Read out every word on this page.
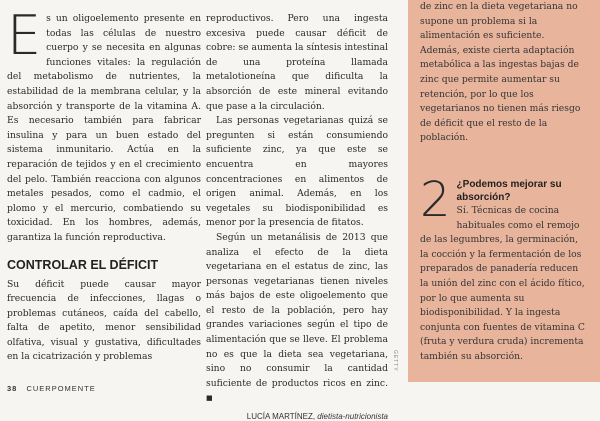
Es un oligoelemento presente en todas las células de nuestro cuerpo y se necesita en algunas funciones vitales: la regulación del metabolismo de nutrientes, la estabilidad de la membrana celular, y la absorción y transporte de la vitamina A. Es necesario también para fabricar insulina y para un buen estado del sistema inmunitario. Actúa en la reparación de tejidos y en el crecimiento del pelo. También reacciona con algunos metales pesados, como el cadmio, el plomo y el mercurio, combatiendo su toxicidad. En los hombres, además, garantiza la función reproductiva.

CONTROLAR EL DÉFICIT

Su déficit puede causar mayor frecuencia de infecciones, llagas o problemas cutáneos, caída del cabello, falta de apetito, menor sensibilidad olfativa, visual y gustativa, dificultades en la cicatrización y problemas

reproductivos. Pero una ingesta excesiva puede causar déficit de cobre: se aumenta la síntesis intestinal de una proteína llamada metalotioneína que dificulta la absorción de este mineral evitando que pase a la circulación.

Las personas vegetarianas quizá se pregunten si están consumiendo suficiente zinc, ya que este se encuentra en mayores concentraciones en alimentos de origen animal. Además, en los vegetales su biodisponibilidad es menor por la presencia de fitatos.

Según un metanálisis de 2013 que analiza el efecto de la dieta vegetariana en el estatus de zinc, las personas vegetarianas tienen niveles más bajos de este oligoelemento que el resto de la población, pero hay grandes variaciones según el tipo de alimentación que se lleve. El problema no es que la dieta sea vegetariana, sino no consumir la cantidad suficiente de productos ricos en zinc. ■

LUCÍA MARTÍNEZ, dietista-nutricionista

de zinc en la dieta vegetariana no supone un problema si la alimentación es suficiente. Además, existe cierta adaptación metabólica a las ingestas bajas de zinc que permite aumentar su retención, por lo que los vegetarianos no tienen más riesgo de déficit que el resto de la población.

2 ¿Podemos mejorar su absorción?

Sí. Técnicas de cocina habituales como el remojo de las legumbres, la germinación, la cocción y la fermentación de los preparados de panadería reducen la unión del zinc con el ácido fítico, por lo que aumenta su biodisponibilidad. Y la ingesta conjunta con fuentes de vitamina C (fruta y verdura cruda) incrementa también su absorción.

GETTY
38 CUERPOMENTE
